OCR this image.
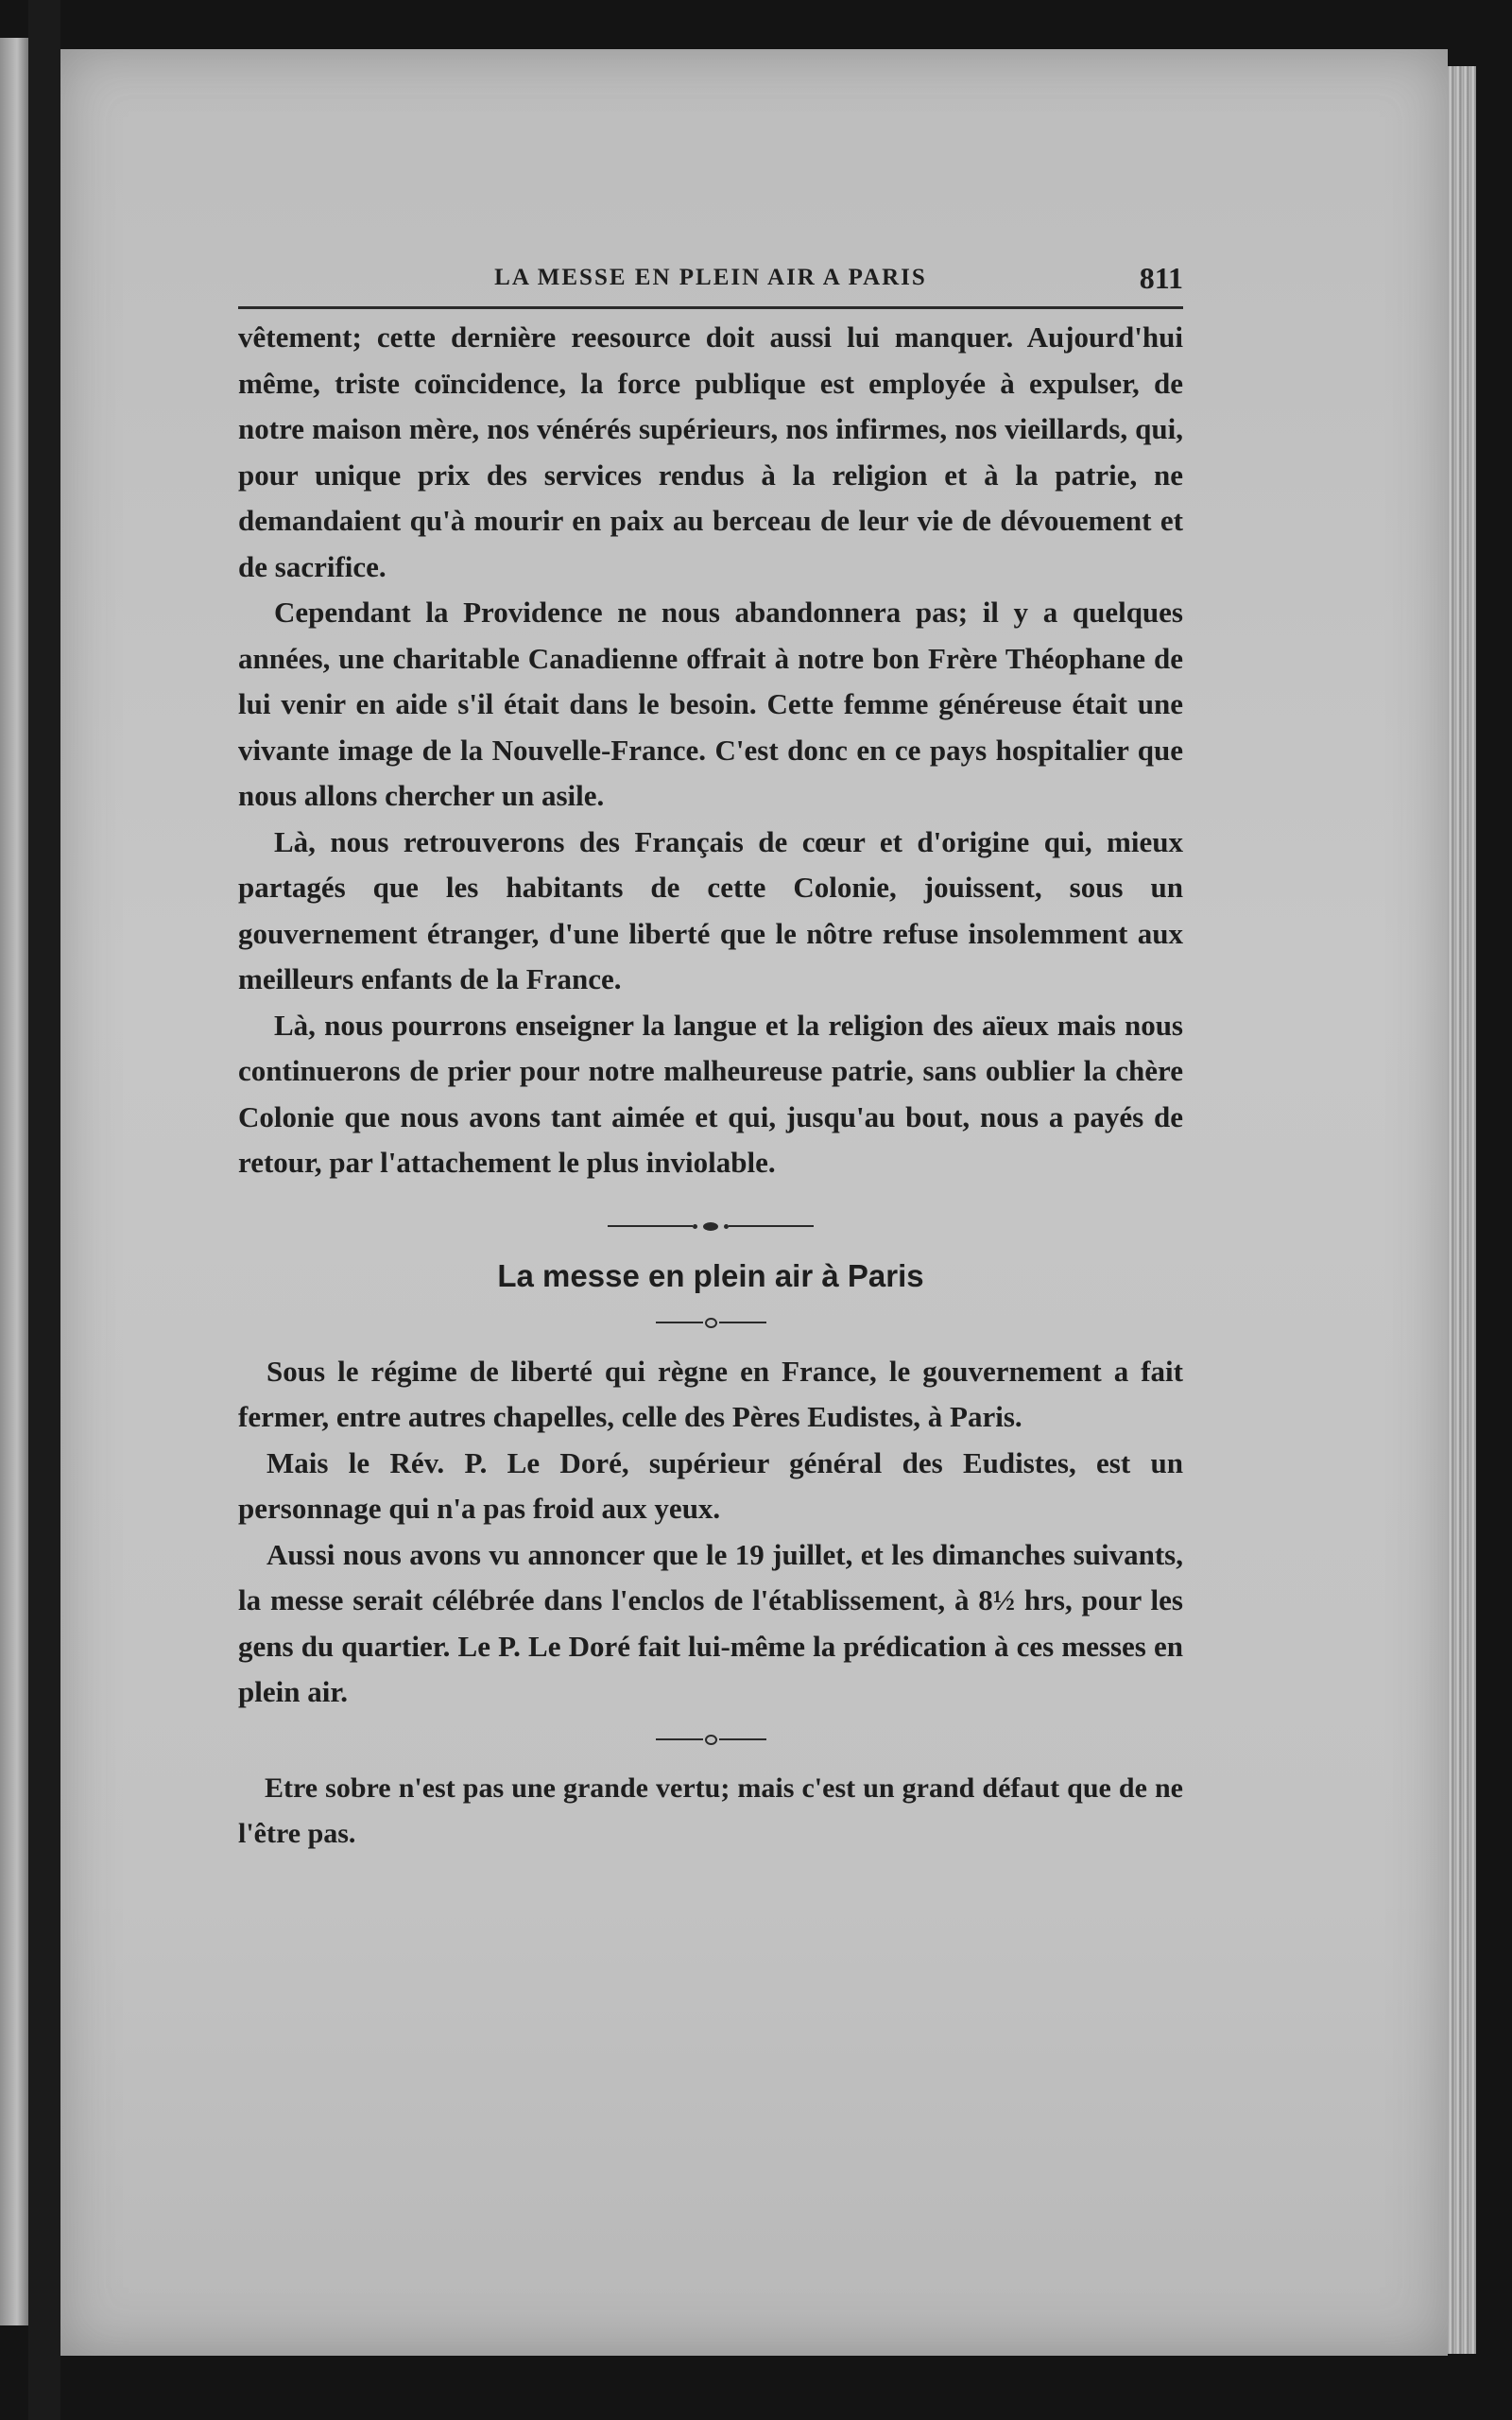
LA MESSE EN PLEIN AIR A PARIS	811

vêtement; cette dernière reesource doit aussi lui manquer. Aujourd'hui même, triste coïncidence, la force publique est employée à expulser, de notre maison mère, nos vénérés supérieurs, nos infirmes, nos vieillards, qui, pour unique prix des services rendus à la religion et à la patrie, ne demandaient qu'à mourir en paix au berceau de leur vie de dévouement et de sacrifice.

Cependant la Providence ne nous abandonnera pas; il y a quelques années, une charitable Canadienne offrait à notre bon Frère Théophane de lui venir en aide s'il était dans le besoin. Cette femme généreuse était une vivante image de la Nouvelle-France. C'est donc en ce pays hospitalier que nous allons chercher un asile.

Là, nous retrouverons des Français de cœur et d'origine qui, mieux partagés que les habitants de cette Colonie, jouissent, sous un gouvernement étranger, d'une liberté que le nôtre refuse insolemment aux meilleurs enfants de la France.

Là, nous pourrons enseigner la langue et la religion des aïeux mais nous continuerons de prier pour notre malheureuse patrie, sans oublier la chère Colonie que nous avons tant aimée et qui, jusqu'au bout, nous a payés de retour, par l'attachement le plus inviolable.

La messe en plein air à Paris

Sous le régime de liberté qui règne en France, le gouvernement a fait fermer, entre autres chapelles, celle des Pères Eudistes, à Paris.

Mais le Rév. P. Le Doré, supérieur général des Eudistes, est un personnage qui n'a pas froid aux yeux.

Aussi nous avons vu annoncer que le 19 juillet, et les dimanches suivants, la messe serait célébrée dans l'enclos de l'établissement, à 8½ hrs, pour les gens du quartier. Le P. Le Doré fait lui-même la prédication à ces messes en plein air.

Etre sobre n'est pas une grande vertu; mais c'est un grand défaut que de ne l'être pas.
